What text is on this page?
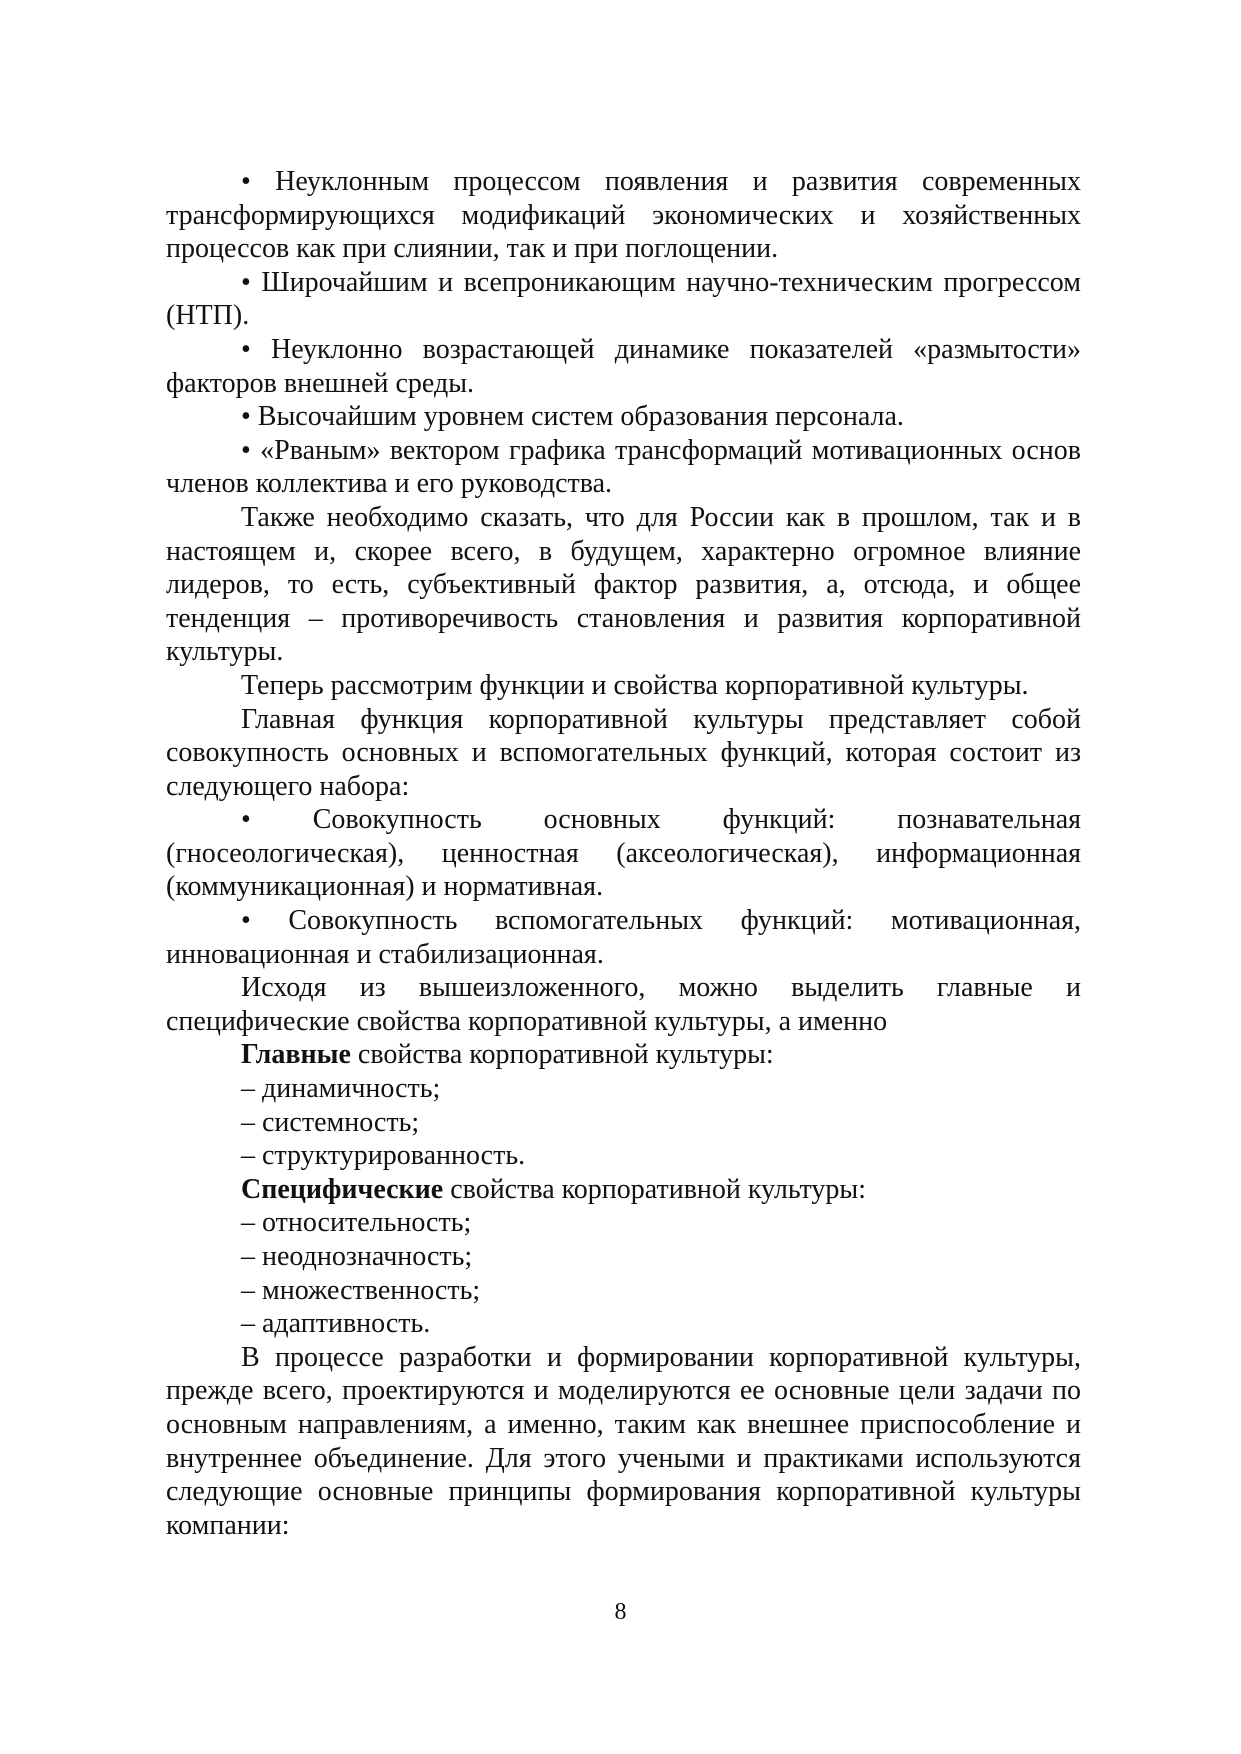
• Неуклонным процессом появления и развития современных трансформирующихся модификаций экономических и хозяйственных процессов как при слиянии, так и при поглощении.

• Широчайшим и всепроникающим научно-техническим прогрессом (НТП).

• Неуклонно возрастающей динамике показателей «размытости» факторов внешней среды.

• Высочайшим уровнем систем образования персонала.

• «Рваным» вектором графика трансформаций мотивационных основ членов коллектива и его руководства.

Также необходимо сказать, что для России как в прошлом, так и в настоящем и, скорее всего, в будущем, характерно огромное влияние лидеров, то есть, субъективный фактор развития, а, отсюда, и общее тенденция – противоречивость становления и развития корпоративной культуры.

Теперь рассмотрим функции и свойства корпоративной культуры.

Главная функция корпоративной культуры представляет собой совокупность основных и вспомогательных функций, которая состоит из следующего набора:

• Совокупность основных функций: познавательная (гносеологическая), ценностная (аксеологическая), информационная (коммуникационная) и нормативная.

• Совокупность вспомогательных функций: мотивационная, инновационная и стабилизационная.

Исходя из вышеизложенного, можно выделить главные и специфические свойства корпоративной культуры, а именно

Главные свойства корпоративной культуры:

– динамичность;

– системность;

– структурированность.

Специфические свойства корпоративной культуры:

– относительность;

– неоднозначность;

– множественность;

– адаптивность.

В процессе разработки и формировании корпоративной культуры, прежде всего, проектируются и моделируются ее основные цели задачи по основным направлениям, а именно, таким как внешнее приспособление и внутреннее объединение. Для этого учеными и практиками используются следующие основные принципы формирования корпоративной культуры компании:

8
